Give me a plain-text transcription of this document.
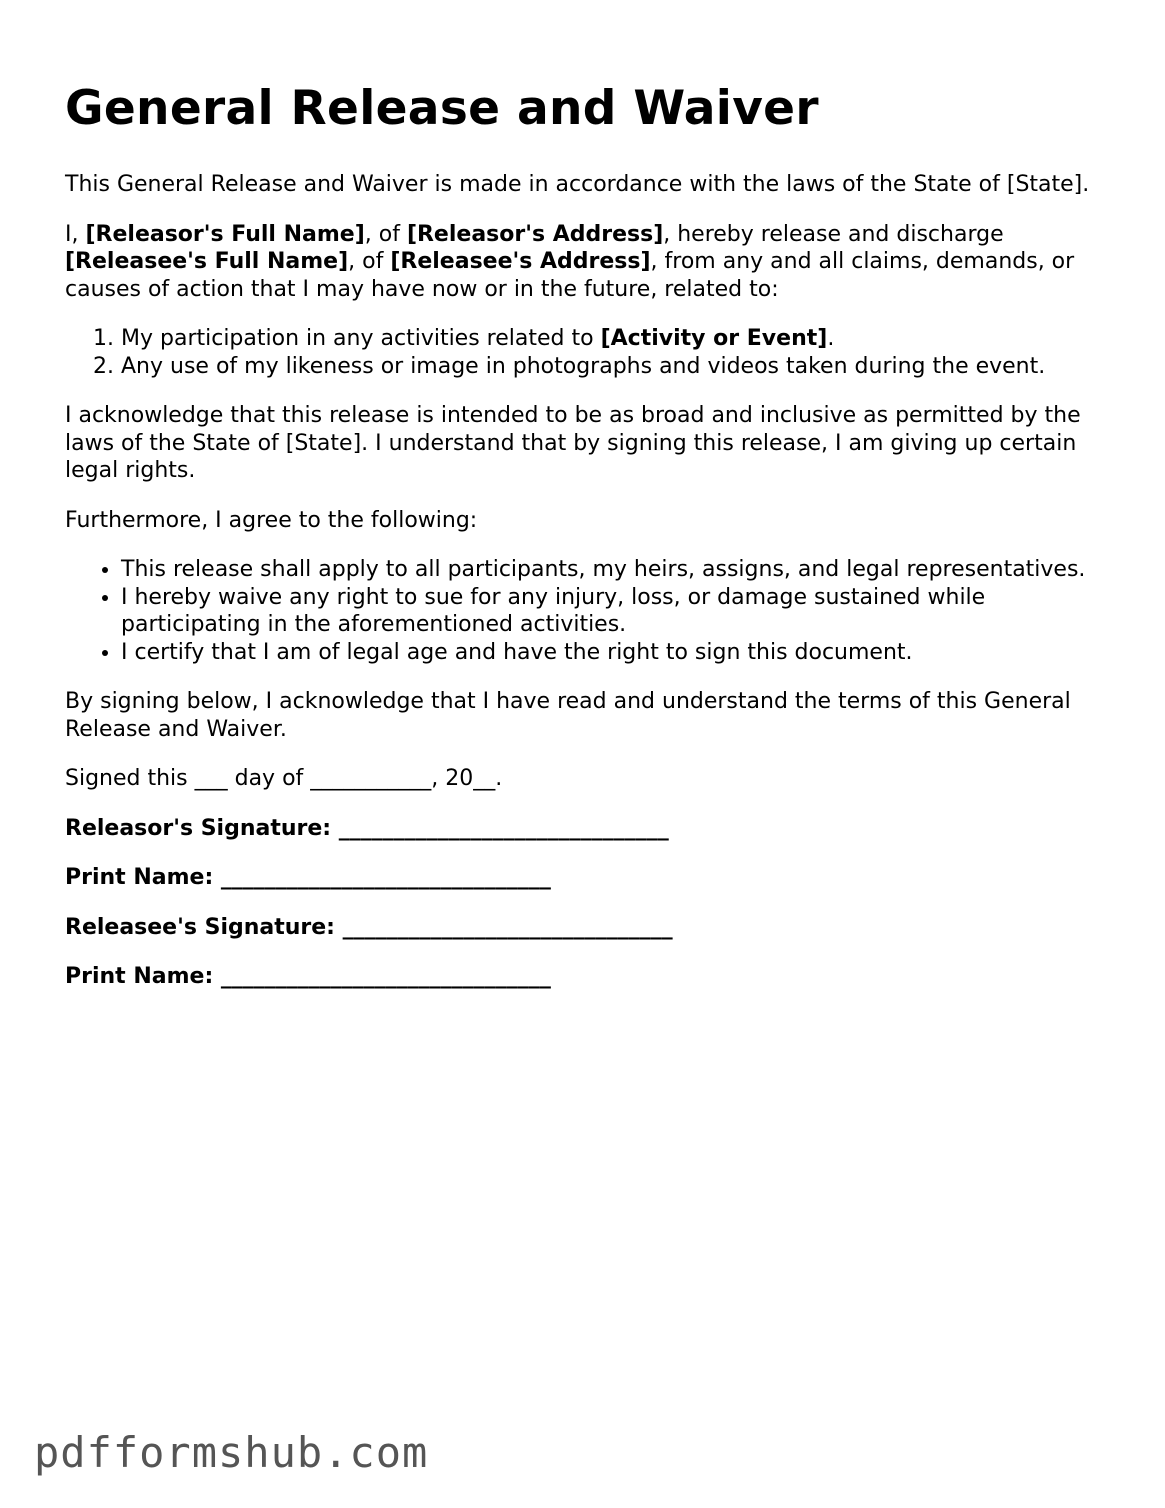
General Release and Waiver

This General Release and Waiver is made in accordance with the laws of the State of [State].

I, [Releasor's Full Name], of [Releasor's Address], hereby release and discharge [Releasee's Full Name], of [Releasee's Address], from any and all claims, demands, or causes of action that I may have now or in the future, related to:

1. My participation in any activities related to [Activity or Event].
2. Any use of my likeness or image in photographs and videos taken during the event.

I acknowledge that this release is intended to be as broad and inclusive as permitted by the laws of the State of [State]. I understand that by signing this release, I am giving up certain legal rights.

Furthermore, I agree to the following:

• This release shall apply to all participants, my heirs, assigns, and legal representatives.
• I hereby waive any right to sue for any injury, loss, or damage sustained while participating in the aforementioned activities.
• I certify that I am of legal age and have the right to sign this document.

By signing below, I acknowledge that I have read and understand the terms of this General Release and Waiver.

Signed this ___ day of ___________, 20__.

Releasor's Signature: ______________________________

Print Name: ______________________________

Releasee's Signature: ______________________________

Print Name: ______________________________

pdfformshub.com
